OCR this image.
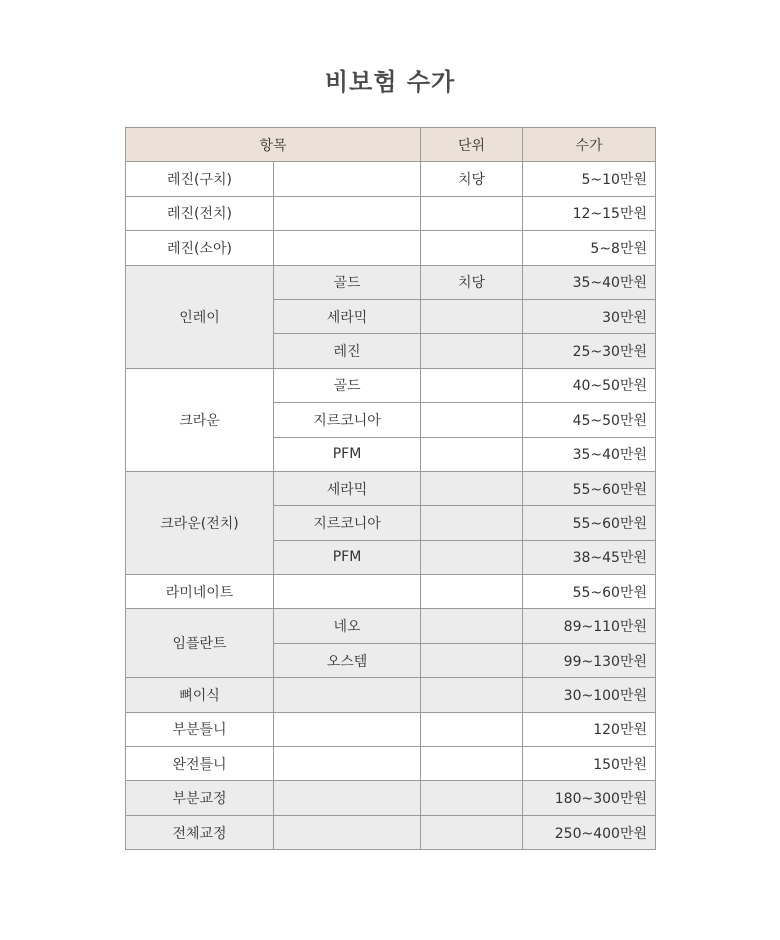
비보험 수가
항목		단위	수가
레진(구치)		치당	5~10만원
레진(전치)			12~15만원
레진(소아)			5~8만원
인레이	골드	치당	35~40만원
	세라믹		30만원
	레진		25~30만원
크라운	골드		40~50만원
	지르코니아		45~50만원
	PFM		35~40만원
크라운(전치)	세라믹		55~60만원
	지르코니아		55~60만원
	PFM		38~45만원
라미네이트			55~60만원
임플란트	네오		89~110만원
	오스템		99~130만원
뼈이식			30~100만원
부분틀니			120만원
완전틀니			150만원
부분교정			180~300만원
전체교정			250~400만원
